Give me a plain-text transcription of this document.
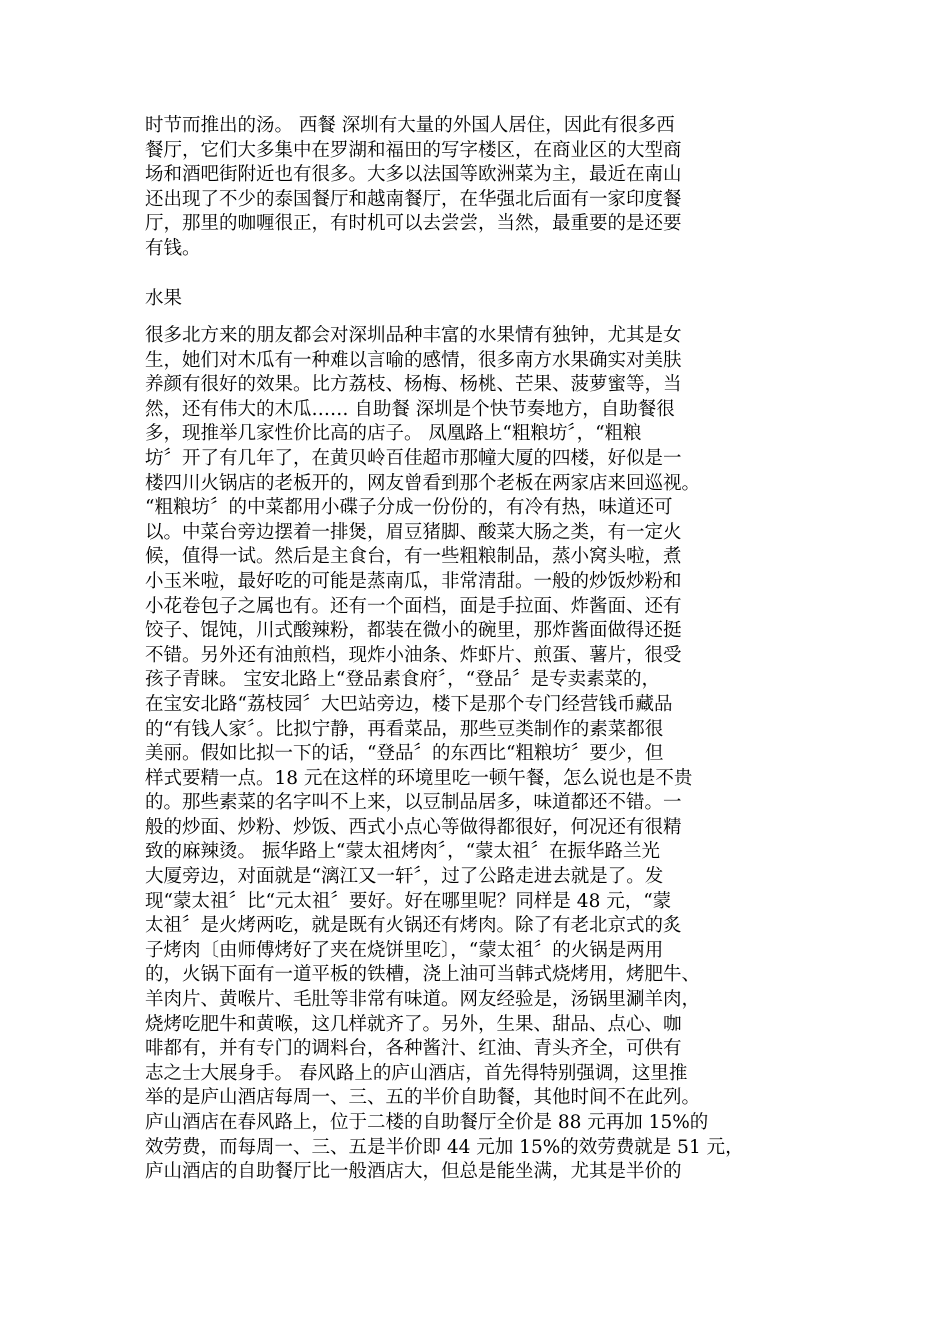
时节而推出的汤。 西餐 深圳有大量的外国人居住，因此有很多西
餐厅，它们大多集中在罗湖和福田的写字楼区，在商业区的大型商
场和酒吧街附近也有很多。大多以法国等欧洲菜为主，最近在南山
还出现了不少的泰国餐厅和越南餐厅，在华强北后面有一家印度餐
厅，那里的咖喱很正，有时机可以去尝尝，当然，最重要的是还要
有钱。
水果
很多北方来的朋友都会对深圳品种丰富的水果情有独钟，尤其是女
生，她们对木瓜有一种难以言喻的感情，很多南方水果确实对美肤
养颜有很好的效果。比方荔枝、杨梅、杨桃、芒果、菠萝蜜等，当
然，还有伟大的木瓜…… 自助餐 深圳是个快节奏地方，自助餐很
多，现推举几家性价比高的店子。 凤凰路上“粗粮坊〞，“粗粮
坊〞开了有几年了，在黄贝岭百佳超市那幢大厦的四楼，好似是一
楼四川火锅店的老板开的，网友曾看到那个老板在两家店来回巡视。
“粗粮坊〞的中菜都用小碟子分成一份份的，有冷有热，味道还可
以。中菜台旁边摆着一排煲，眉豆猪脚、酸菜大肠之类，有一定火
候，值得一试。然后是主食台，有一些粗粮制品，蒸小窝头啦，煮
小玉米啦，最好吃的可能是蒸南瓜，非常清甜。一般的炒饭炒粉和
小花卷包子之属也有。还有一个面档，面是手拉面、炸酱面、还有
饺子、馄饨，川式酸辣粉，都装在微小的碗里，那炸酱面做得还挺
不错。另外还有油煎档，现炸小油条、炸虾片、煎蛋、薯片，很受
孩子青睐。 宝安北路上“登品素食府〞，“登品〞是专卖素菜的，
在宝安北路“荔枝园〞大巴站旁边，楼下是那个专门经营钱币藏品
的“有钱人家〞。比拟宁静，再看菜品，那些豆类制作的素菜都很
美丽。假如比拟一下的话，“登品〞的东西比“粗粮坊〞要少，但
样式要精一点。18 元在这样的环境里吃一顿午餐，怎么说也是不贵
的。那些素菜的名字叫不上来，以豆制品居多，味道都还不错。一
般的炒面、炒粉、炒饭、西式小点心等做得都很好，何况还有很精
致的麻辣烫。 振华路上“蒙太祖烤肉〞，“蒙太祖〞在振华路兰光
大厦旁边，对面就是“漓江又一轩〞，过了公路走进去就是了。发
现“蒙太祖〞比“元太祖〞要好。好在哪里呢？同样是 48 元，“蒙
太祖〞是火烤两吃，就是既有火锅还有烤肉。除了有老北京式的炙
子烤肉〔由师傅烤好了夹在烧饼里吃〕，“蒙太祖〞的火锅是两用
的，火锅下面有一道平板的铁槽，浇上油可当韩式烧烤用，烤肥牛、
羊肉片、黄喉片、毛肚等非常有味道。网友经验是，汤锅里涮羊肉，
烧烤吃肥牛和黄喉，这几样就齐了。另外，生果、甜品、点心、咖
啡都有，并有专门的调料台，各种酱汁、红油、青头齐全，可供有
志之士大展身手。 春风路上的庐山酒店，首先得特别强调，这里推
举的是庐山酒店每周一、三、五的半价自助餐，其他时间不在此列。
庐山酒店在春风路上，位于二楼的自助餐厅全价是 88 元再加 15%的
效劳费，而每周一、三、五是半价即 44 元加 15%的效劳费就是 51 元，
庐山酒店的自助餐厅比一般酒店大，但总是能坐满，尤其是半价的
